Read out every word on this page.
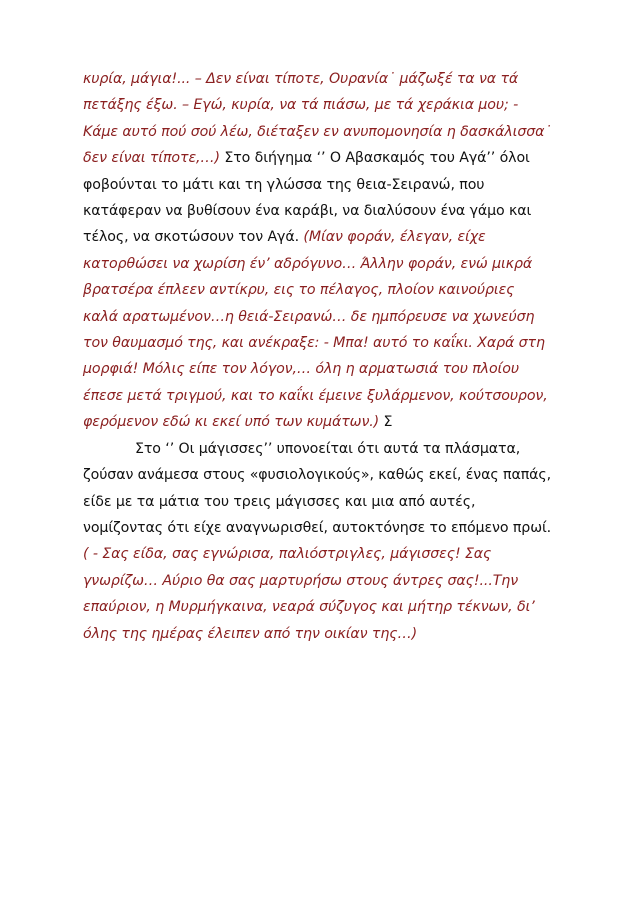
κυρία, μάγια!... – Δεν είναι τίποτε, Ουρανία˙ μάζωξέ τα να τά πετάξης έξω. – Εγώ, κυρία, να τά πιάσω, με τά χεράκια μου; - Κάμε αυτό πού σού λέω, διέταξεν εν ανυπομονησία η δασκάλισσα˙ δεν είναι τίποτε,…) Στο διήγημα ‘’ Ο Αβασκαμός του Αγά’’ όλοι φοβούνται το μάτι και τη γλώσσα της θεια-Σειρανώ, που κατάφεραν να βυθίσουν ένα καράβι, να διαλύσουν ένα γάμο και τέλος, να σκοτώσουν τον Αγά. (Μίαν φοράν, έλεγαν, είχε κατορθώσει να χωρίση έν’ αδρόγυνο… Άλλην φοράν, ενώ μικρά βρατσέρα έπλεεν αντίκρυ, εις το πέλαγος, πλοίον καινούριες καλά αρατωμένον…η θειά-Σειρανώ… δε ημπόρευσε να χωνεύση τον θαυμασμό της, και ανέκραξε: - Μπα! αυτό το καΐκι. Χαρά στη μορφιά! Μόλις είπε τον λόγον,… όλη η αρματωσιά του πλοίου έπεσε μετά τριγμού, και το καΐκι έμεινε ξυλάρμενον, κούτσουρον, φερόμενον εδώ κι εκεί υπό των κυμάτων.) Σ

Στο ‘’ Οι μάγισσες’’ υπονοείται ότι αυτά τα πλάσματα, ζούσαν ανάμεσα στους «φυσιολογικούς», καθώς εκεί, ένας παπάς, είδε με τα μάτια του τρεις μάγισσες και μια από αυτές, νομίζοντας ότι είχε αναγνωρισθεί, αυτοκτόνησε το επόμενο πρωί. ( - Σας είδα, σας εγνώρισα, παλιόστριγλες, μάγισσες! Σας γνωρίζω… Αύριο θα σας μαρτυρήσω στους άντρες σας!...Την επαύριον, η Μυρμήγκαινα, νεαρά σύζυγος και μήτηρ τέκνων, δι’ όλης της ημέρας έλειπεν από την οικίαν της…)
